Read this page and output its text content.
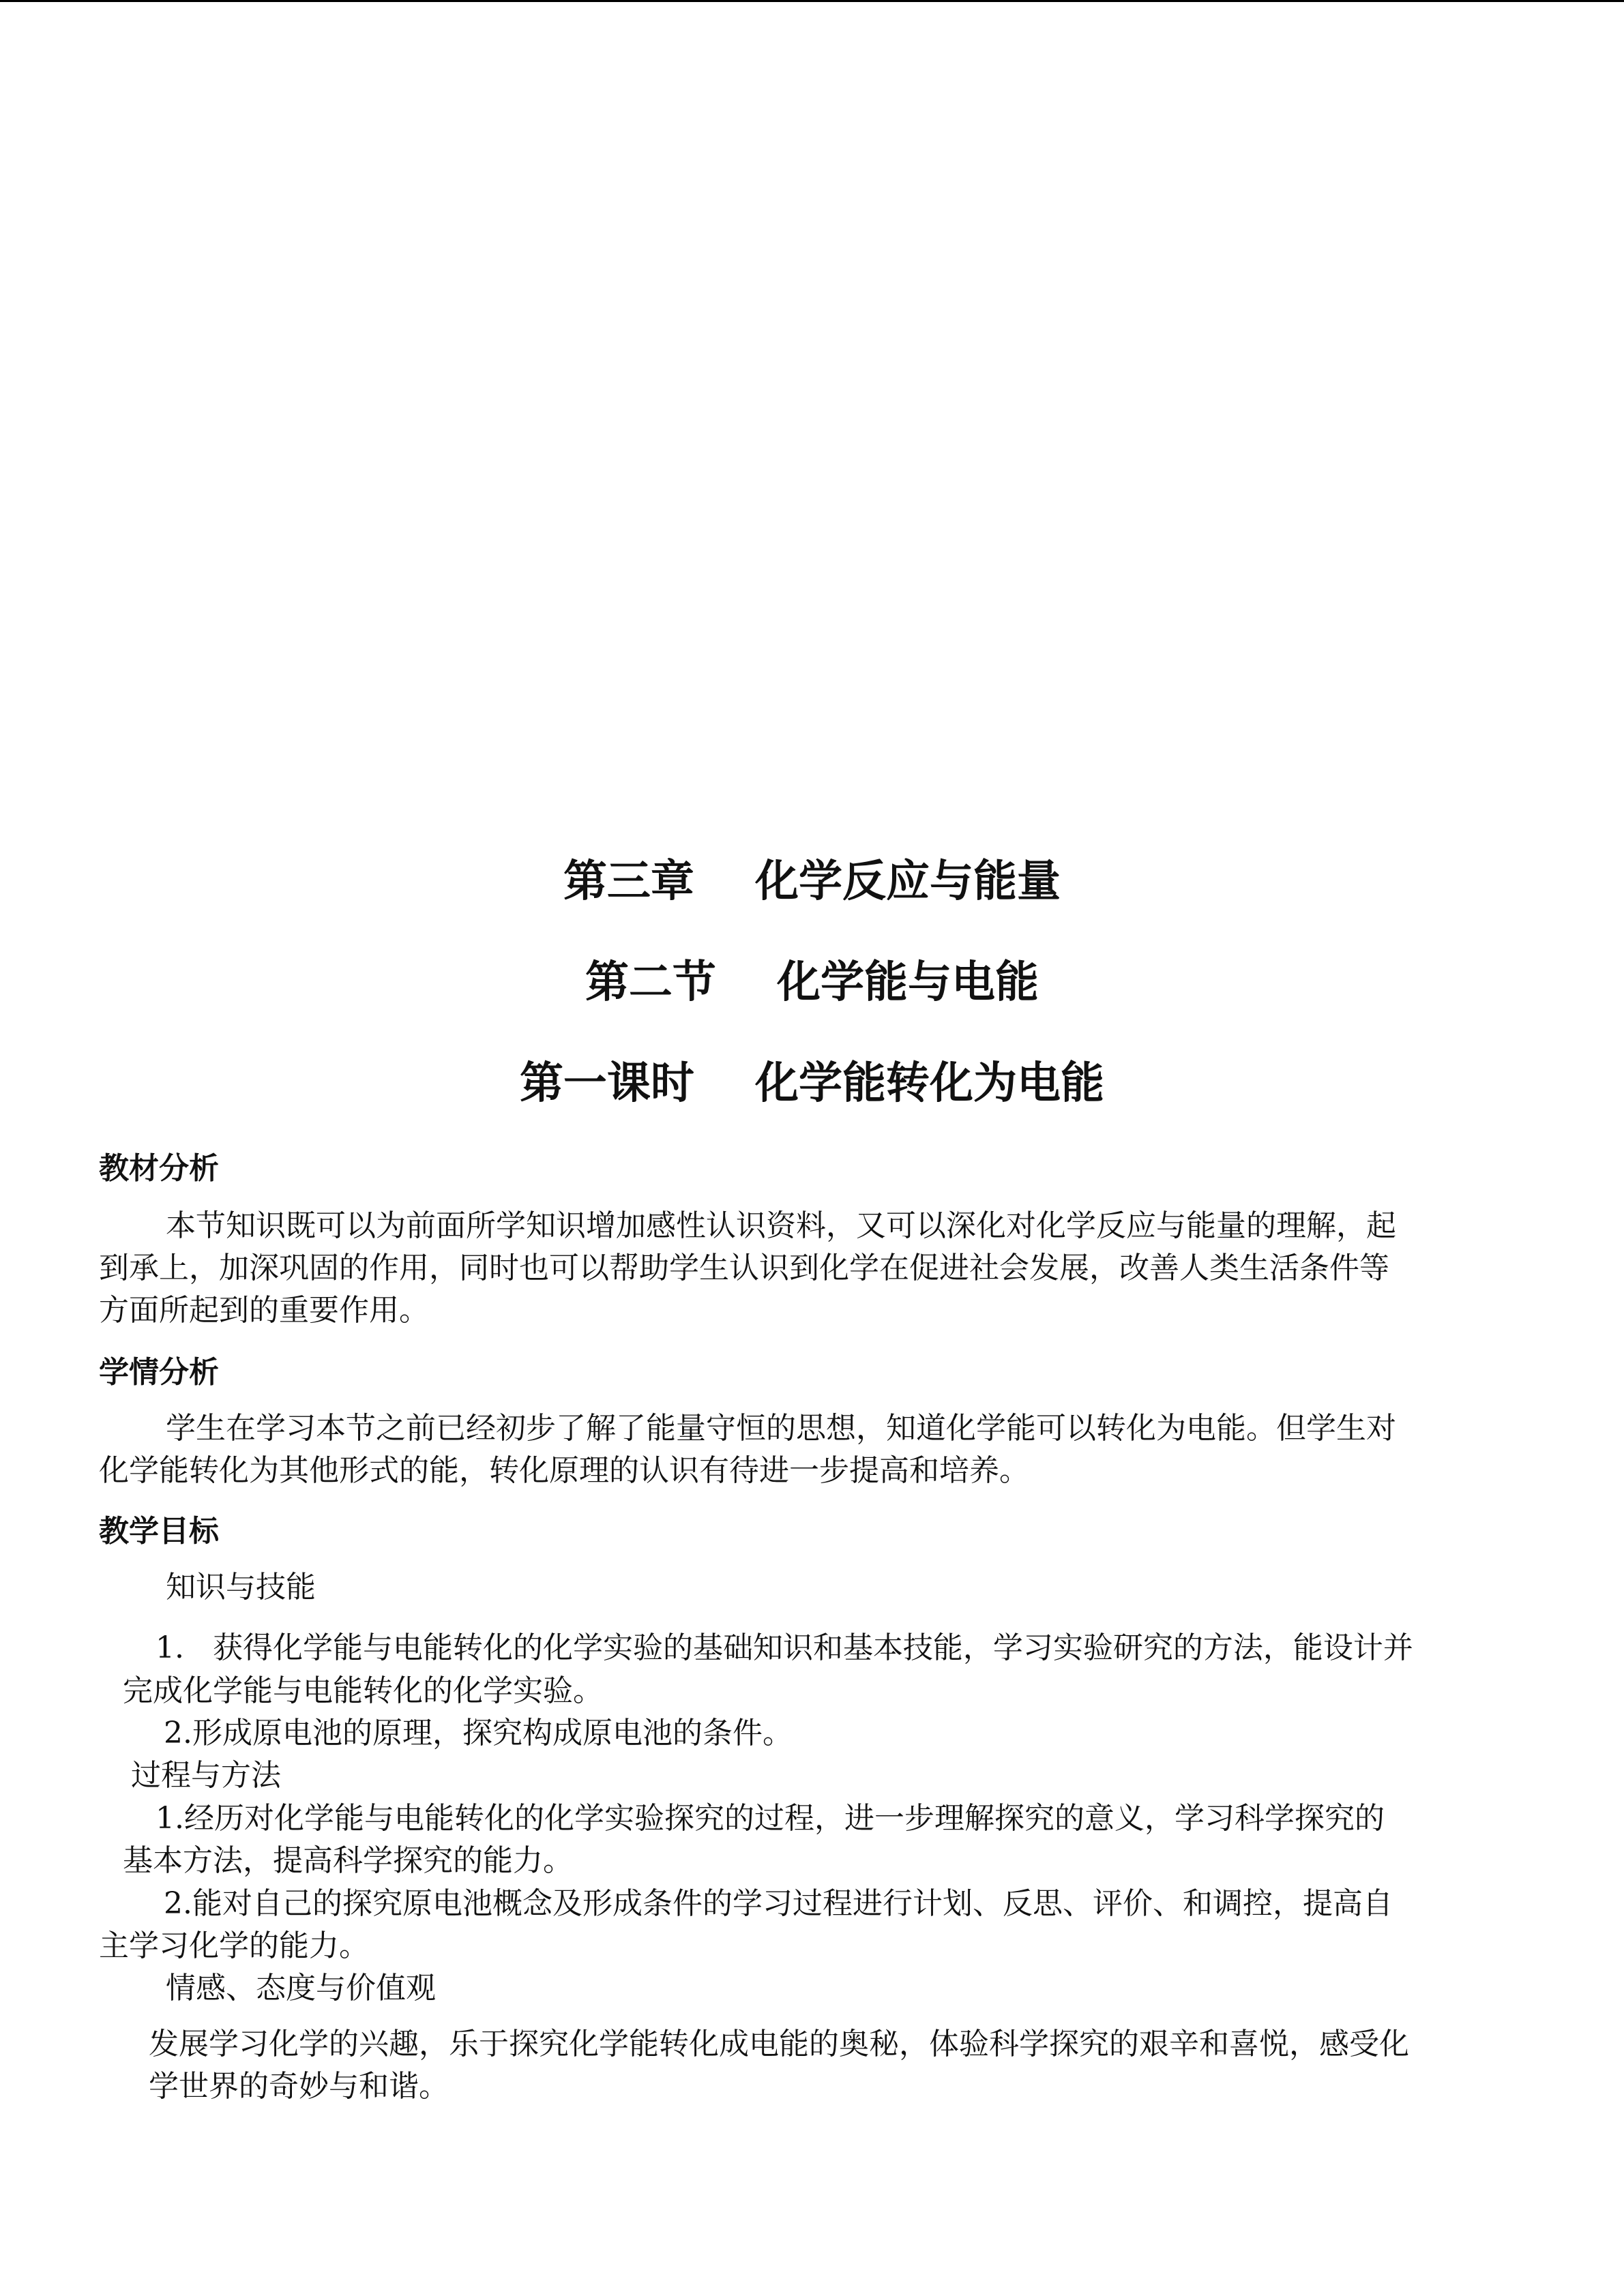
第三章    化学反应与能量
第二节    化学能与电能
第一课时    化学能转化为电能
教材分析
本节知识既可以为前面所学知识增加感性认识资料，又可以深化对化学反应与能量的理解，起
到承上，加深巩固的作用，同时也可以帮助学生认识到化学在促进社会发展，改善人类生活条件等
方面所起到的重要作用。
学情分析
学生在学习本节之前已经初步了解了能量守恒的思想，知道化学能可以转化为电能。但学生对
化学能转化为其他形式的能，转化原理的认识有待进一步提高和培养。
教学目标
知识与技能
1.   获得化学能与电能转化的化学实验的基础知识和基本技能，学习实验研究的方法，能设计并
完成化学能与电能转化的化学实验。
2.形成原电池的原理，探究构成原电池的条件。
过程与方法
1.经历对化学能与电能转化的化学实验探究的过程，进一步理解探究的意义，学习科学探究的
基本方法，提高科学探究的能力。
2.能对自己的探究原电池概念及形成条件的学习过程进行计划、反思、评价、和调控，提高自
主学习化学的能力。
情感、态度与价值观
发展学习化学的兴趣，乐于探究化学能转化成电能的奥秘，体验科学探究的艰辛和喜悦，感受化
学世界的奇妙与和谐。
